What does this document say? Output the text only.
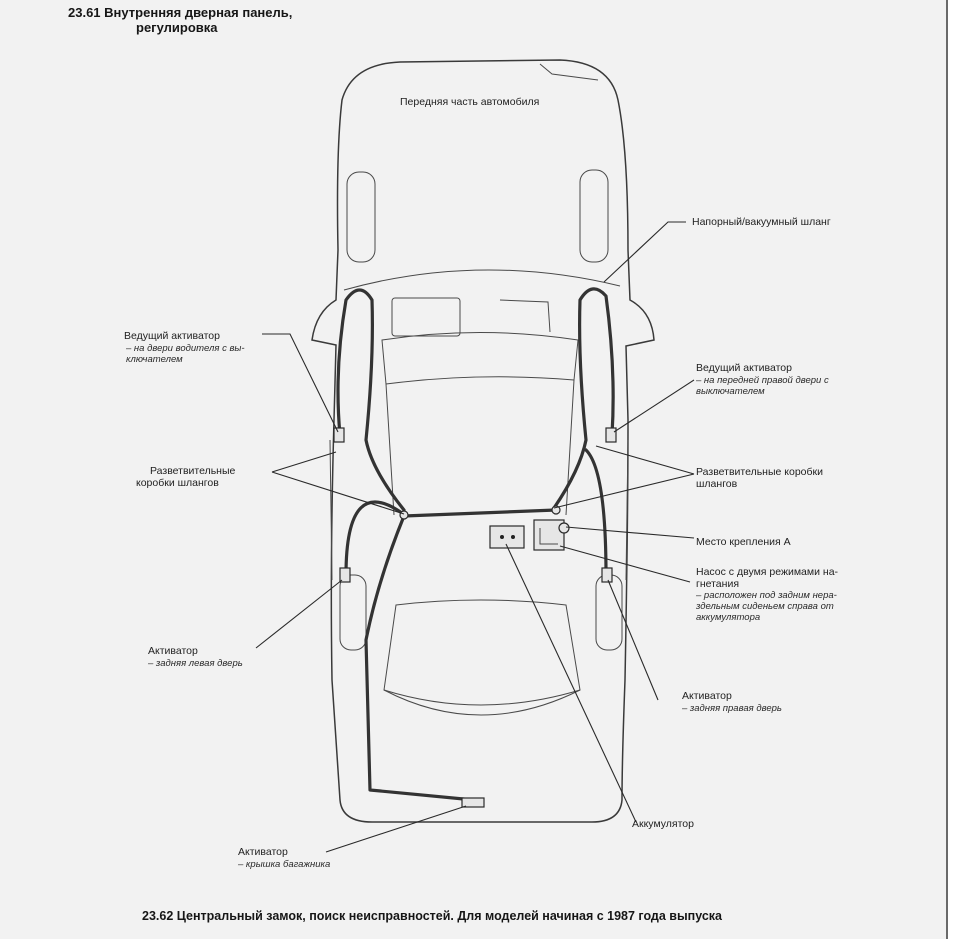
23.61 Внутренняя дверная панель,
регулировка
Передняя часть автомобиля
Напорный/вакуумный шланг
Ведущий активатор
– на двери водителя с вы-
ключателем
Ведущий активатор
– на передней правой двери с
выключателем
Разветвительные
коробки шлангов
Разветвительные коробки
шлангов
Место крепления А
Насос с двумя режимами на-
гнетания
– расположен под задним нера-
здельным сиденьем справа от
аккумулятора
Активатор
– задняя левая дверь
Активатор
– задняя правая дверь
Аккумулятор
Активатор
– крышка багажника
23.62 Центральный замок, поиск неисправностей. Для моделей начиная с 1987 года выпуска
